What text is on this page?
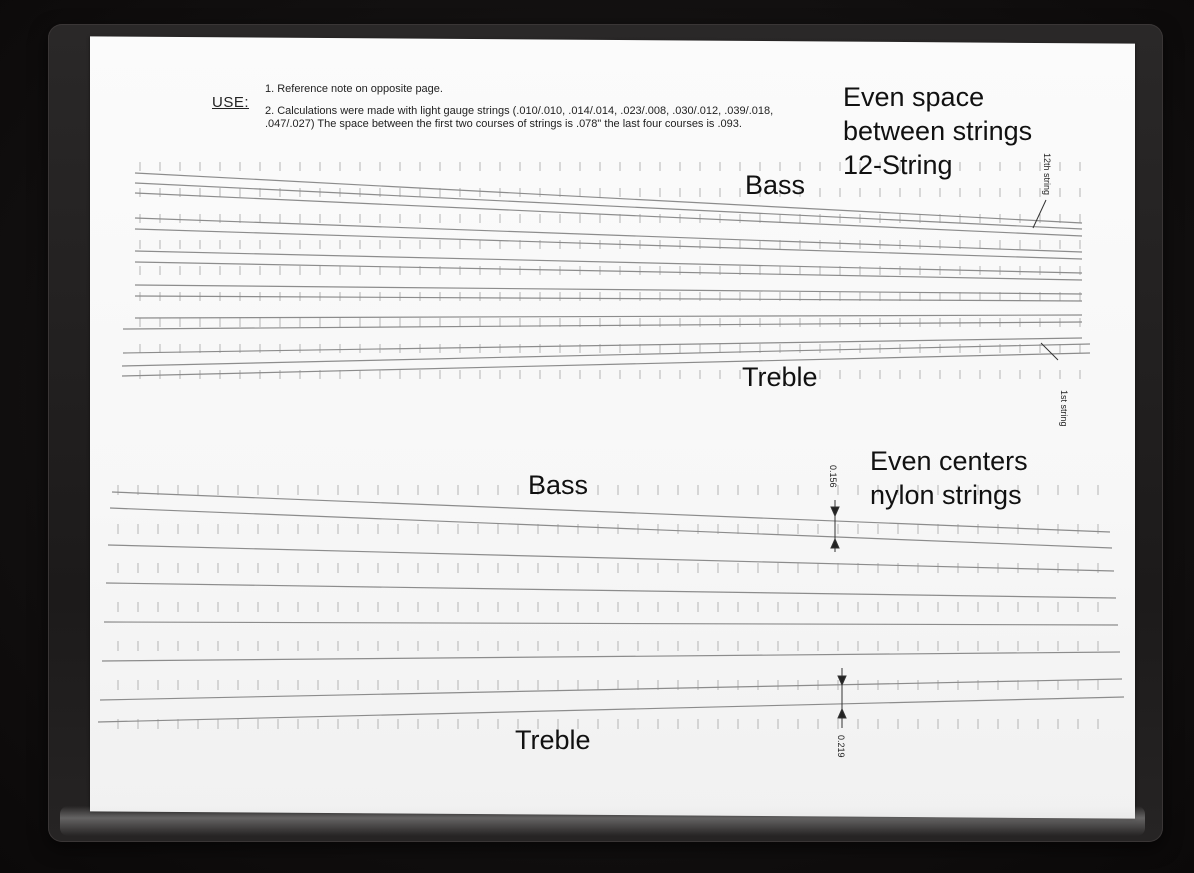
USE:
1. Reference note on opposite page.
2. Calculations were made with light gauge strings (.010/.010, .014/.014, .023/.008, .030/.012, .039/.018, .047/.027) The space between the first two courses of strings is .078" the last four courses is .093.
Even space
between strings
12-String
Bass
Treble
12th string
1st string
Even centers
nylon strings
Bass
Treble
0.156
0.219
